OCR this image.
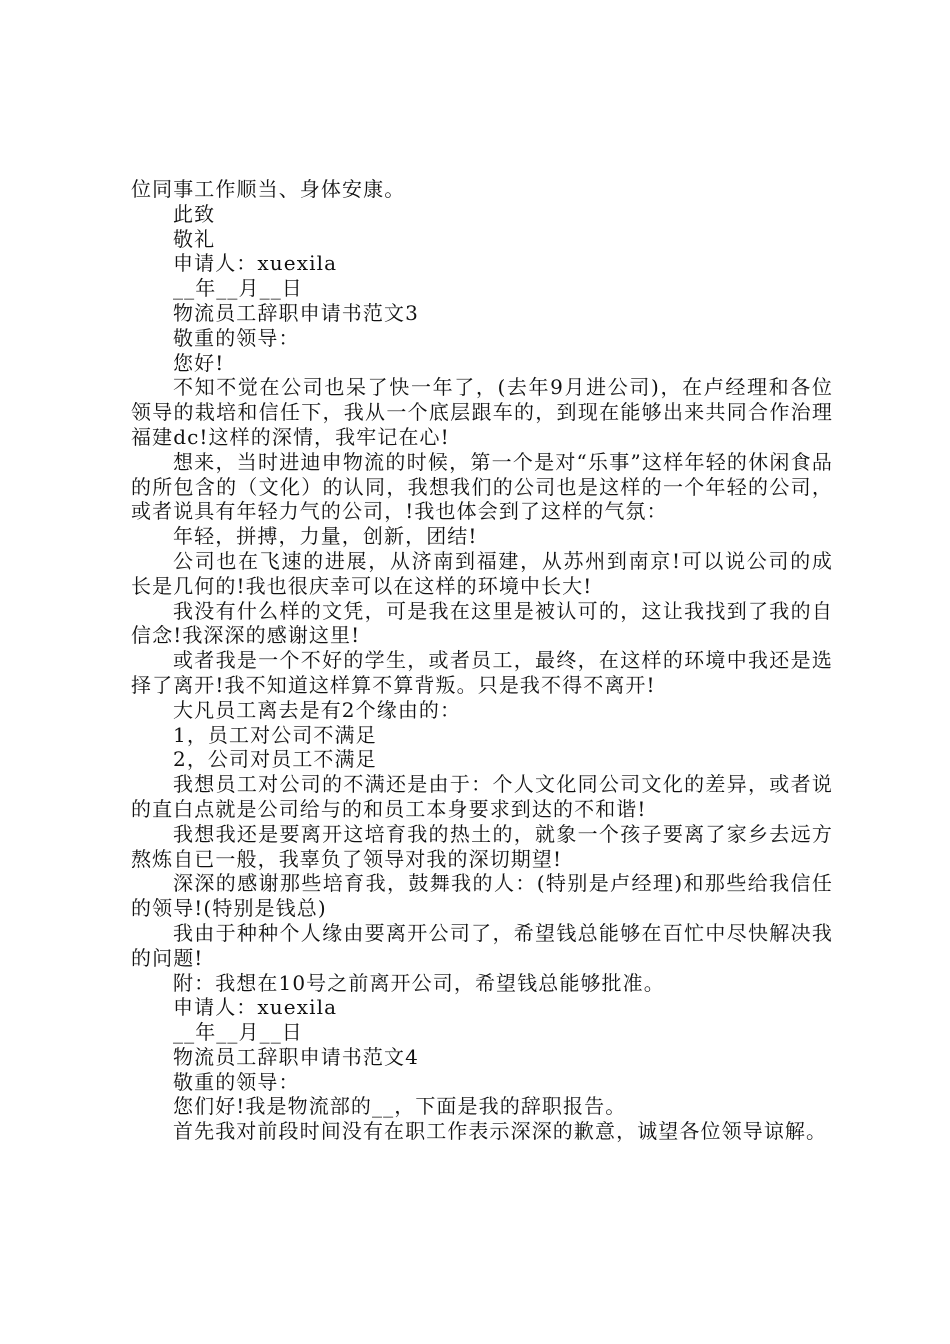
位同事工作顺当、身体安康。

此致

敬礼

申请人：xuexila

__年__月__日

物流员工辞职申请书范文3

敬重的领导：

您好!

不知不觉在公司也呆了快一年了，(去年9月进公司)，在卢经理和各位领导的栽培和信任下，我从一个底层跟车的，到现在能够出来共同合作治理福建dc!这样的深情，我牢记在心!

想来，当时进迪申物流的时候，第一个是对“乐事”这样年轻的休闲食品的所包含的（文化）的认同，我想我们的公司也是这样的一个年轻的公司，或者说具有年轻力气的公司，!我也体会到了这样的气氛：

年轻，拼搏，力量，创新，团结!

公司也在飞速的进展，从济南到福建，从苏州到南京!可以说公司的成长是几何的!我也很庆幸可以在这样的环境中长大!

我没有什么样的文凭，可是我在这里是被认可的，这让我找到了我的自信念!我深深的感谢这里!

或者我是一个不好的学生，或者员工，最终，在这样的环境中我还是选择了离开!我不知道这样算不算背叛。只是我不得不离开!

大凡员工离去是有2个缘由的：

1，员工对公司不满足

2，公司对员工不满足

我想员工对公司的不满还是由于：个人文化同公司文化的差异，或者说的直白点就是公司给与的和员工本身要求到达的不和谐!

我想我还是要离开这培育我的热土的，就象一个孩子要离了家乡去远方熬炼自已一般，我辜负了领导对我的深切期望!

深深的感谢那些培育我，鼓舞我的人：(特别是卢经理)和那些给我信任的领导!(特别是钱总)

我由于种种个人缘由要离开公司了，希望钱总能够在百忙中尽快解决我的问题!

附：我想在10号之前离开公司，希望钱总能够批准。

申请人：xuexila

__年__月__日

物流员工辞职申请书范文4

敬重的领导：

您们好!我是物流部的__，下面是我的辞职报告。

首先我对前段时间没有在职工作表示深深的歉意，诚望各位领导谅解。
